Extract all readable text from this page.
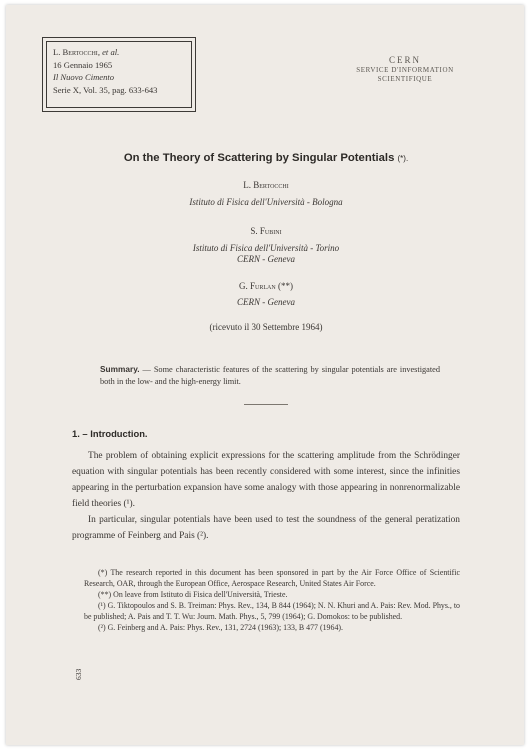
L. Bertocchi, et al.
16 Gennaio 1965
Il Nuovo Cimento
Serie X, Vol. 35, pag. 633-643
CERN
SERVICE D'INFORMATION
SCIENTIFIQUE
On the Theory of Scattering by Singular Potentials (*).
L. Bertocchi
Istituto di Fisica dell'Università - Bologna
S. Fubini
Istituto di Fisica dell'Università - Torino
CERN - Geneva
G. Furlan (**)
CERN - Geneva
(ricevuto il 30 Settembre 1964)
Summary. — Some characteristic features of the scattering by singular potentials are investigated both in the low- and the high-energy limit.
1. – Introduction.

The problem of obtaining explicit expressions for the scattering amplitude from the Schrödinger equation with singular potentials has been recently considered with some interest, since the infinities appearing in the perturbation expansion have some analogy with those appearing in nonrenormalizable field theories (¹).

In particular, singular potentials have been used to test the soundness of the general peratization programme of Feinberg and Pais (²).

(*) The research reported in this document has been sponsored in part by the Air Force Office of Scientific Research, OAR, through the European Office, Aerospace Research, United States Air Force.

(**) On leave from Istituto di Fisica dell'Università, Trieste.

(¹) G. Tiktopoulos and S. B. Treiman: Phys. Rev., 134, B 844 (1964); N. N. Khuri and A. Pais: Rev. Mod. Phys., to be published; A. Pais and T. T. Wu: Journ. Math. Phys., 5, 799 (1964); G. Domokos: to be published.

(²) G. Feinberg and A. Pais: Phys. Rev., 131, 2724 (1963); 133, B 477 (1964).

633
